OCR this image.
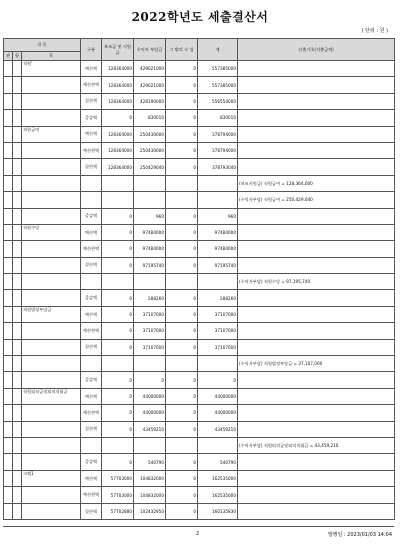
2022학년도 세출결산서
( 단위 : 원 )
과 목			구분	보조금 및 지원금	수익자 부담금	그 밖의 수 입	계	산출기초(지출금액)
관	항	목						
		직원‘	예산액	128364000	429021000	0	557385000	
			예산현액	128364000	429021000	0	557385000	
			결산액	128364000	428190000	0	556554000	
			증감액	0	830010	0	830010	
		직원급여	예산액	128364000	250430000	0	378794000	
			예산현액	128364000	250430000	0	378794000	
			결산액	128364000	250429040	0	378793040	
								(보조지원금) 직원급여 = 128,364,000
								(수익자부담) 직원급여 = 250,429,040
			증감액	0	960	0	960	
		직원수당	예산액	0	97484000	0	97484000	
			예산현액	0	97484000	0	97484000	
			결산액	0	97195740	0	97195740	
								(수익자부담) 직원수당 = 97,195,740
			증감액	0	288260	0	288260	
		직원법정부담금	예산액	0	37107000	0	37107000	
			예산현액	0	37107000	0	37107000	
			결산액	0	37107000	0	37107000	
								(수익자부담) 직원법정부담금 = 37,107,000
			증감액	0	0	0	0	
		직원퇴직금및퇴직적립금	예산액	0	44000000	0	44000000	
			예산현액	0	44000000	0	44000000	
			결산액	0	43459210	0	43459210	
								(수익자부담) 직원퇴직금및퇴직적립금 = 43,459,210
			증감액	0	540790	0	540790	
		크랩1	예산액	57703000	104832000	0	162535000	
			예산현액	57703000	104832000	0	162535000	
			결산액	57702880	102432950	0	160135830	
2	발행일 : 2023/01/03 14:04
